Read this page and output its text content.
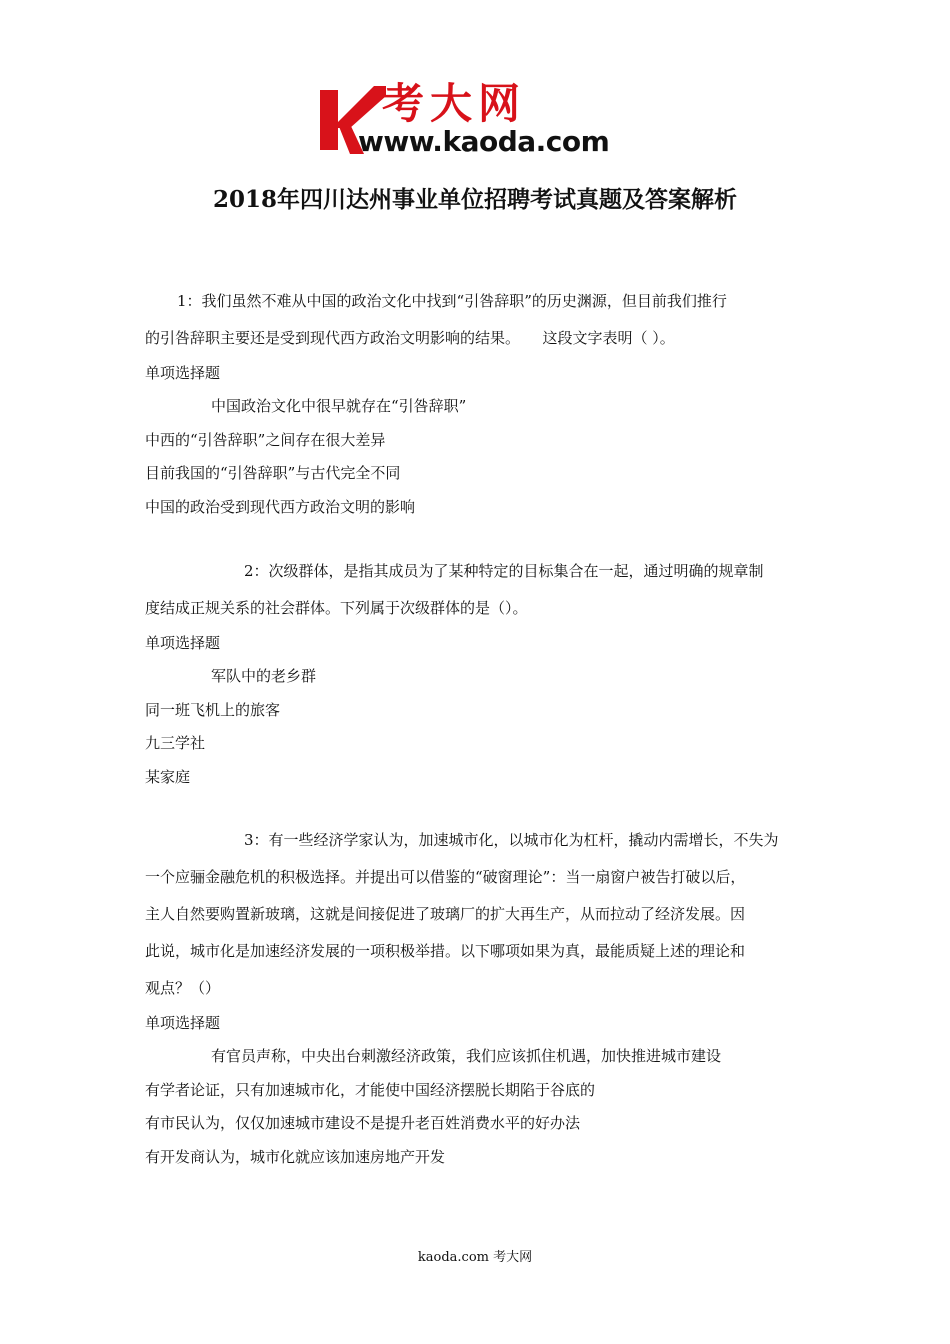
考大网
www.kaoda.com
2018年四川达州事业单位招聘考试真题及答案解析

1：我们虽然不难从中国的政治文化中找到“引咎辞职”的历史渊源，但目前我们推行

的引咎辞职主要还是受到现代西方政治文明影响的结果。　　这段文字表明（ ）。

单项选择题

中国政治文化中很早就存在“引咎辞职”

中西的“引咎辞职”之间存在很大差异

目前我国的“引咎辞职”与古代完全不同

中国的政治受到现代西方政治文明的影响

2：次级群体，是指其成员为了某种特定的目标集合在一起，通过明确的规章制

度结成正规关系的社会群体。下列属于次级群体的是（）。

单项选择题

军队中的老乡群

同一班飞机上的旅客

九三学社

某家庭

3：有一些经济学家认为，加速城市化，以城市化为杠杆，撬动内需增长，不失为

一个应骊金融危机的积极选择。并提出可以借鉴的“破窗理论”：当一扇窗户被告打破以后，

主人自然要购置新玻璃，这就是间接促进了玻璃厂的扩大再生产，从而拉动了经济发展。因

此说，城市化是加速经济发展的一项积极举措。以下哪项如果为真，最能质疑上述的理论和

观点？（）

单项选择题

有官员声称，中央出台刺激经济政策，我们应该抓住机遇，加快推进城市建设

有学者论证，只有加速城市化，才能使中国经济摆脱长期陷于谷底的

有市民认为，仅仅加速城市建设不是提升老百姓消费水平的好办法

有开发商认为，城市化就应该加速房地产开发

kaoda.com 考大网
